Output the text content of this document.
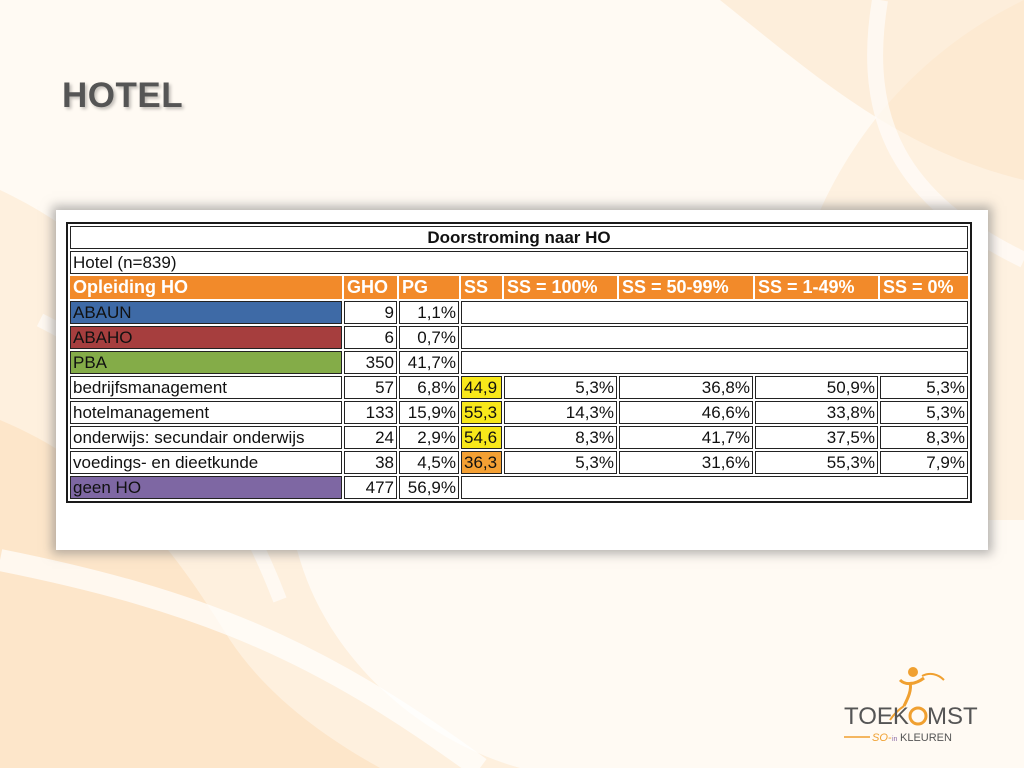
HOTEL
Doorstroming naar HO							
Hotel (n=839)							
Opleiding HO	GHO	PG	SS	SS = 100%	SS = 50-99%	SS = 1-49%	SS = 0%
ABAUN	9	1,1%					
ABAHO	6	0,7%					
PBA	350	41,7%					
bedrijfsmanagement	57	6,8%	44,9	5,3%	36,8%	50,9%	5,3%
hotelmanagement	133	15,9%	55,3	14,3%	46,6%	33,8%	5,3%
onderwijs: secundair onderwijs	24	2,9%	54,6	8,3%	41,7%	37,5%	8,3%
voedings- en dieetkunde	38	4,5%	36,3	5,3%	31,6%	55,3%	7,9%
geen HO	477	56,9%					
TOEK MST
SO- in KLEUREN
